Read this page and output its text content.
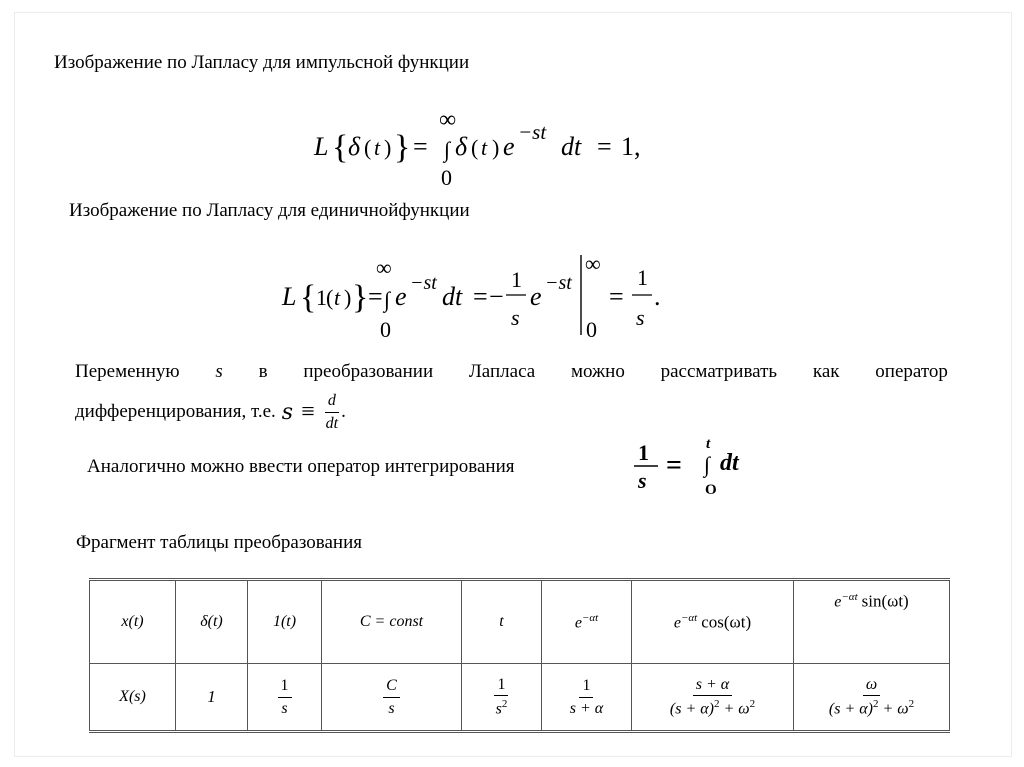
Изображение по Лапласу для импульсной функции
L { δ ( t ) } =
∞
∫
0
δ ( t ) e −st dt = 1,
Изображение по Лапласу для единичнойфункции
L { 1 ( t ) } =
∞
∫
0
e −st dt = −
1
s
e −st
∞
0
=
1
s
.
Переменную s в преобразовании Лапласа можно рассматривать как оператор
дифференцирования, т.е. $s \equiv \frac{d}{dt}$ .
Аналогично можно ввести оператор интегрирования
1
s =
t
∫
O
dt
Фрагмент таблицы преобразования
x(t)	δ(t)	1(t)	C = const	t	$e^{-\alpha t}$	$e^{-\alpha t}$ cos(ωt)	$e^{-\alpha t}$ sin(ωt)
X(s)	1	$\frac{1}{s}$	$\frac{C}{s}$	$\frac{1}{s^2}$	$\frac{1}{s + \alpha}$	$\frac{s + \alpha}{(s + \alpha)^2 + \omega^2}$	$\frac{\omega}{(s + \alpha)^2 + \omega^2}$
